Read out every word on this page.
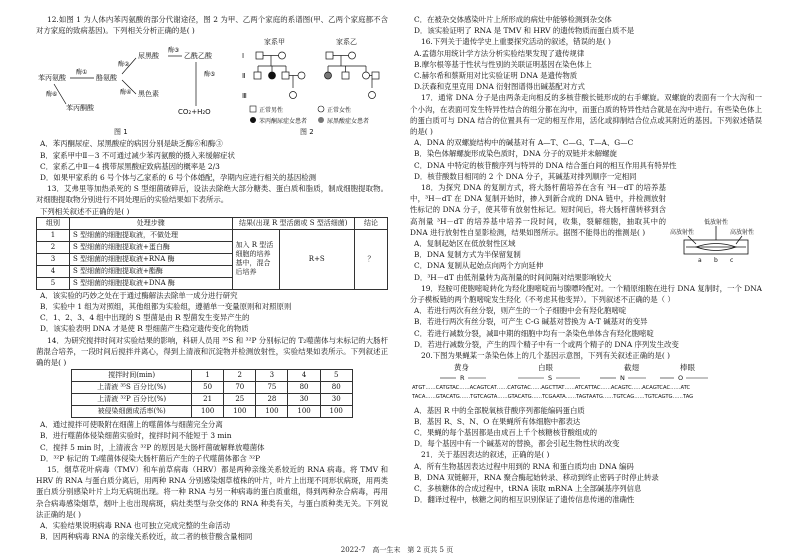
12.如图 1 为人体内苯丙氨酸的部分代谢途径，图 2 为甲、乙两个家庭的系谱图(甲、乙两个家庭都不含对方家庭的致病基因)。下列相关分析正确的是( )

苯丙氨酸	酪氨酸
尿黑酸	乙酰乙酸
黑色素
苯丙酮酸	CO₂+H₂O
酶①
酶②
酶③
酶④
酶⑤
酶⑥
图 1
家系甲	家系乙
Ⅰ
Ⅱ
Ⅲ
正常男性	正常女性
苯丙酮尿症女患者	尿黑酸症女患者
图 2

A．苯丙酮尿症、尿黑酸症的病因分别是缺乏酶⑥和酶③

B．家系甲中Ⅱ－3 不可通过减少苯丙氨酸的摄入来缓解症状

C．家系乙中Ⅱ－4 携带尿黑酸症致病基因的概率是 2/3

D．如果甲家系的 6 号个体与乙家系的 6 号个体婚配，孕期内应进行相关的基因检测

13．艾弗里等加热杀死的 S 型细菌破碎后，设法去除绝大部分糖类、蛋白质和脂质，制成细胞提取物。对细胞提取物分别进行不同处理后的实验结果如下表所示。

下列相关叙述不正确的是( )

组别	处理步骤	结果(出现 R 型活菌或 S 型活细菌)		结论
1	S 型细菌的细胞提取液，不做处理	加入 R 型活细胞的培养基中，混合后培养	R+S	？
2	S 型细菌的细胞提取液+蛋白酶			
3	S 型细菌的细胞提取液+RNA 酶			
4	S 型细菌的细胞提取液+酯酶			
5	S 型细菌的细胞提取液+DNA 酶			

A．该实验的巧妙之处在于通过酶解法去除单一成分进行研究

B．实验中 1 组为对照组，其他组都为实验组，遵循单一变量原则和对照原则

C．1、2、3、4 组中出现的 S 型菌是由 R 型菌发生变异产生的

D．该实验表明 DNA 才是使 R 型细菌产生稳定遗传变化的物质

14．为研究搅拌时间对实验结果的影响，科研人员用 ³⁵S 和 ³²P 分别标记的 T₂噬菌体与未标记的大肠杆菌混合培养，一段时间后搅拌并离心，得到上清液和沉淀物并检测放射性，实验结果如表所示。下列叙述正确的是( )

搅拌时间(min)	1	2	3	4	5
上清液 ³⁵S 百分比(%)	50	70	75	80	80
上清液 ³²P 百分比(%)	21	25	28	30	30
被侵染细菌成活率(%)	100	100	100	100	100

A．通过搅拌可使吸附在细菌上的噬菌体与细菌完全分离

B．进行噬菌体侵染细菌实验时，搅拌时间不能短于 3 min

C．搅拌 5 min 时，上清液含 ³²P 的原因是大肠杆菌破解释放噬菌体

D．³²P 标记的 T₂噬菌体侵染大肠杆菌后产生的子代噬菌体都含 ³²P

15．烟草花叶病毒（TMV）和车前草病毒（HRV）都是两种亲缘关系较近的 RNA 病毒。将 TMV 和 HRV 的 RNA 与蛋白质分离后，用两种 RNA 分别感染烟草植株的叶片，叶片上出现不同形状病斑，用两类蛋白质分别感染叶片上均无病斑出现。将一种 RNA 与另一种病毒的蛋白质重组，得到两种杂合病毒，再用杂合病毒感染烟草，烟叶上也出现病斑，病灶类型与杂交体的 RNA 种类有关，与蛋白质种类无关。下列说法正确的是( )

A．实验结果说明病毒 RNA 也可独立完成完整的生命活动

B．因两种病毒 RNA 的亲缘关系较近，故二者的核苷酸含量相同

C．在被杂交体感染叶片上所形成的病灶中能够检测到杂交体

D．该实验证明了 RNA 是 TMV 和 HRV 的遗传物质而蛋白质不是

16.下列关于遗传学史上重要探究活动的叙述，错误的是( )

A.孟德尔用统计学方法分析实验结果发现了遗传规律

B.摩尔根等基于性状与性别的关联证明基因在染色体上

C.赫尔希和蔡斯用对比实验证明 DNA 是遗传物质

D.沃森和克里克用 DNA 衍射图谱得出碱基配对方式

17．通常 DNA 分子是由两条走向相反的多核苷酸长链形成的右手螺旋。双螺旋的表面有一个大沟和一个小沟，在表面可发生特异性结合的组分都在沟中，而蛋白质的特异性结合就是在沟中进行。有些染色体上的蛋白质可与 DNA 结合的位置具有一定的相互作用，活化或抑制结合位点或其附近的基因。下列叙述错误的是( )

A．DNA 的双螺旋结构中的碱基对有 A—T、C—G、T—A、G—C

B．染色体解螺旋形成染色质时，DNA 分子的双链并未解螺旋

C．DNA 中特定的核苷酸序列与特异的 DNA 结合蛋白间的相互作用具有特异性

D．核苷酸数目相同的 2 个 DNA 分子，其碱基对排列顺序一定相同

18．为探究 DNA 的复制方式，将大肠杆菌培养在含有 ³H－dT 的培养基中，³H－dT 在 DNA 复制开始时，掺入到新合成的 DNA 链中，并检测放射性标记的 DNA 分子，使其带有放射性标记。短时间后，将大肠杆菌转移到含高剂量 ³H－dT 的培养基中培养一段时间，收集，裂解细胞，抽取其中的 DNA 进行放射性自显影检测，结果如图所示。据图不能得出的推测是( )

低放射性
高放射性	高放射性
a b c

A．复制起始区在低放射性区域

B．DNA 复制方式为半保留复制

C．DNA 复制从起始点向两个方向延伸

D．³H－dT 由低剂量转为高剂量的时间间隔对结果影响较大

19．羟胺可使胞嘧啶转化为羟化胞嘧啶而与腺嘌呤配对。一个精原细胞在进行 DNA 复制时，一个 DNA 分子模板链的两个胞嘧啶发生羟化（不考虑其他变异）。下列叙述不正确的是（ ）

A．若进行两次有丝分裂，则产生的一个子细胞中会有羟化胞嘧啶

B．若进行两次有丝分裂，可产生 C-G 碱基对替换为 A-T 碱基对的变异

C．若进行减数分裂，减Ⅱ中期的细胞中均有一条染色单体含有羟化胞嘧啶

D．若进行减数分裂，产生的四个精子中有一个或两个精子的 DNA 序列发生改变

20.下图为果蝇某一条染色体上的几个基因示意图，下列有关叙述正确的是( )

黄身	白眼	截翅	棒眼
R	S	N	O
ATGT……CATGTAC……ACAGTCAT……CATGTAC……AGCTTAT……ATCATTAC……ACAGTC……ACAGTCAC……ATC
TACA……GTACATG……TGTCAGTA……GTACATG……TCGAATA……TAGTAATG……TGTCAG……TGTCAGTG……TAG

A．基因 R 中的全部脱氧核苷酸序列都能编码蛋白质

B．基因 R、S、N、O 在果蝇所有体细胞中都表达

C．果蝇的每个基因都是由成百上千个核糖核苷酸组成的

D．每个基因中有一个碱基对的替换，都会引起生物性状的改变

21．关于基因表达的叙述，正确的是( )

A．所有生物基因表达过程中用到的 RNA 和蛋白质均由 DNA 编码

B．DNA 双链解开，RNA 聚合酶起始转录、移动到终止密码子时停止转录

C．多核糖体的合成过程中，tRNA 读取 mRNA 上全部碱基序列信息

D．翻译过程中，核糖之间的相互识别保证了遗传信息传递的准确性

2022-7　高一生末　第 2 页共 5 页
